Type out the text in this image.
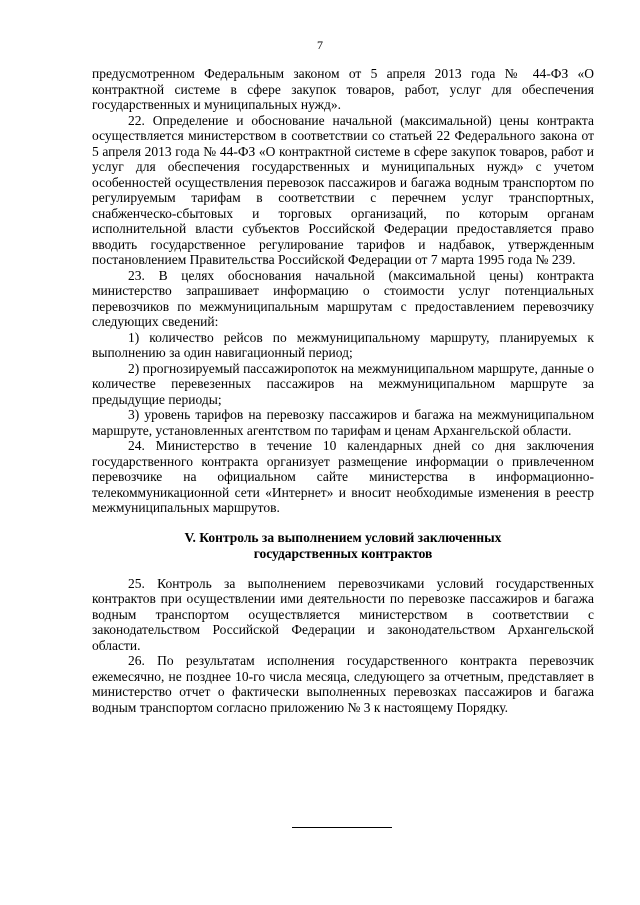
7

предусмотренном Федеральным законом от 5 апреля 2013 года № 44-ФЗ «О контрактной системе в сфере закупок товаров, работ, услуг для обеспечения государственных и муниципальных нужд».

22. Определение и обоснование начальной (максимальной) цены контракта осуществляется министерством в соответствии со статьей 22 Федерального закона от 5 апреля 2013 года № 44-ФЗ «О контрактной системе в сфере закупок товаров, работ и услуг для обеспечения государственных и муниципальных нужд» с учетом особенностей осуществления перевозок пассажиров и багажа водным транспортом по регулируемым тарифам в соответствии с перечнем услуг транспортных, снабженческо-сбытовых и торговых организаций, по которым органам исполнительной власти субъектов Российской Федерации предоставляется право вводить государственное регулирование тарифов и надбавок, утвержденным постановлением Правительства Российской Федерации от 7 марта 1995 года № 239.

23. В целях обоснования начальной (максимальной цены) контракта министерство запрашивает информацию о стоимости услуг потенциальных перевозчиков по межмуниципальным маршрутам с предоставлением перевозчику следующих сведений:

1) количество рейсов по межмуниципальному маршруту, планируемых к выполнению за один навигационный период;

2) прогнозируемый пассажиропоток на межмуниципальном маршруте, данные о количестве перевезенных пассажиров на межмуниципальном маршруте за предыдущие периоды;

3) уровень тарифов на перевозку пассажиров и багажа на межмуниципальном маршруте, установленных агентством по тарифам и ценам Архангельской области.

24. Министерство в течение 10 календарных дней со дня заключения государственного контракта организует размещение информации о привлеченном перевозчике на официальном сайте министерства в информационно-телекоммуникационной сети «Интернет» и вносит необходимые изменения в реестр межмуниципальных маршрутов.

V. Контроль за выполнением условий заключенных
государственных контрактов

25. Контроль за выполнением перевозчиками условий государственных контрактов при осуществлении ими деятельности по перевозке пассажиров и багажа водным транспортом осуществляется министерством в соответствии с законодательством Российской Федерации и законодательством Архангельской области.

26. По результатам исполнения государственного контракта перевозчик ежемесячно, не позднее 10-го числа месяца, следующего за отчетным, представляет в министерство отчет о фактически выполненных перевозках пассажиров и багажа водным транспортом согласно приложению № 3 к настоящему Порядку.
